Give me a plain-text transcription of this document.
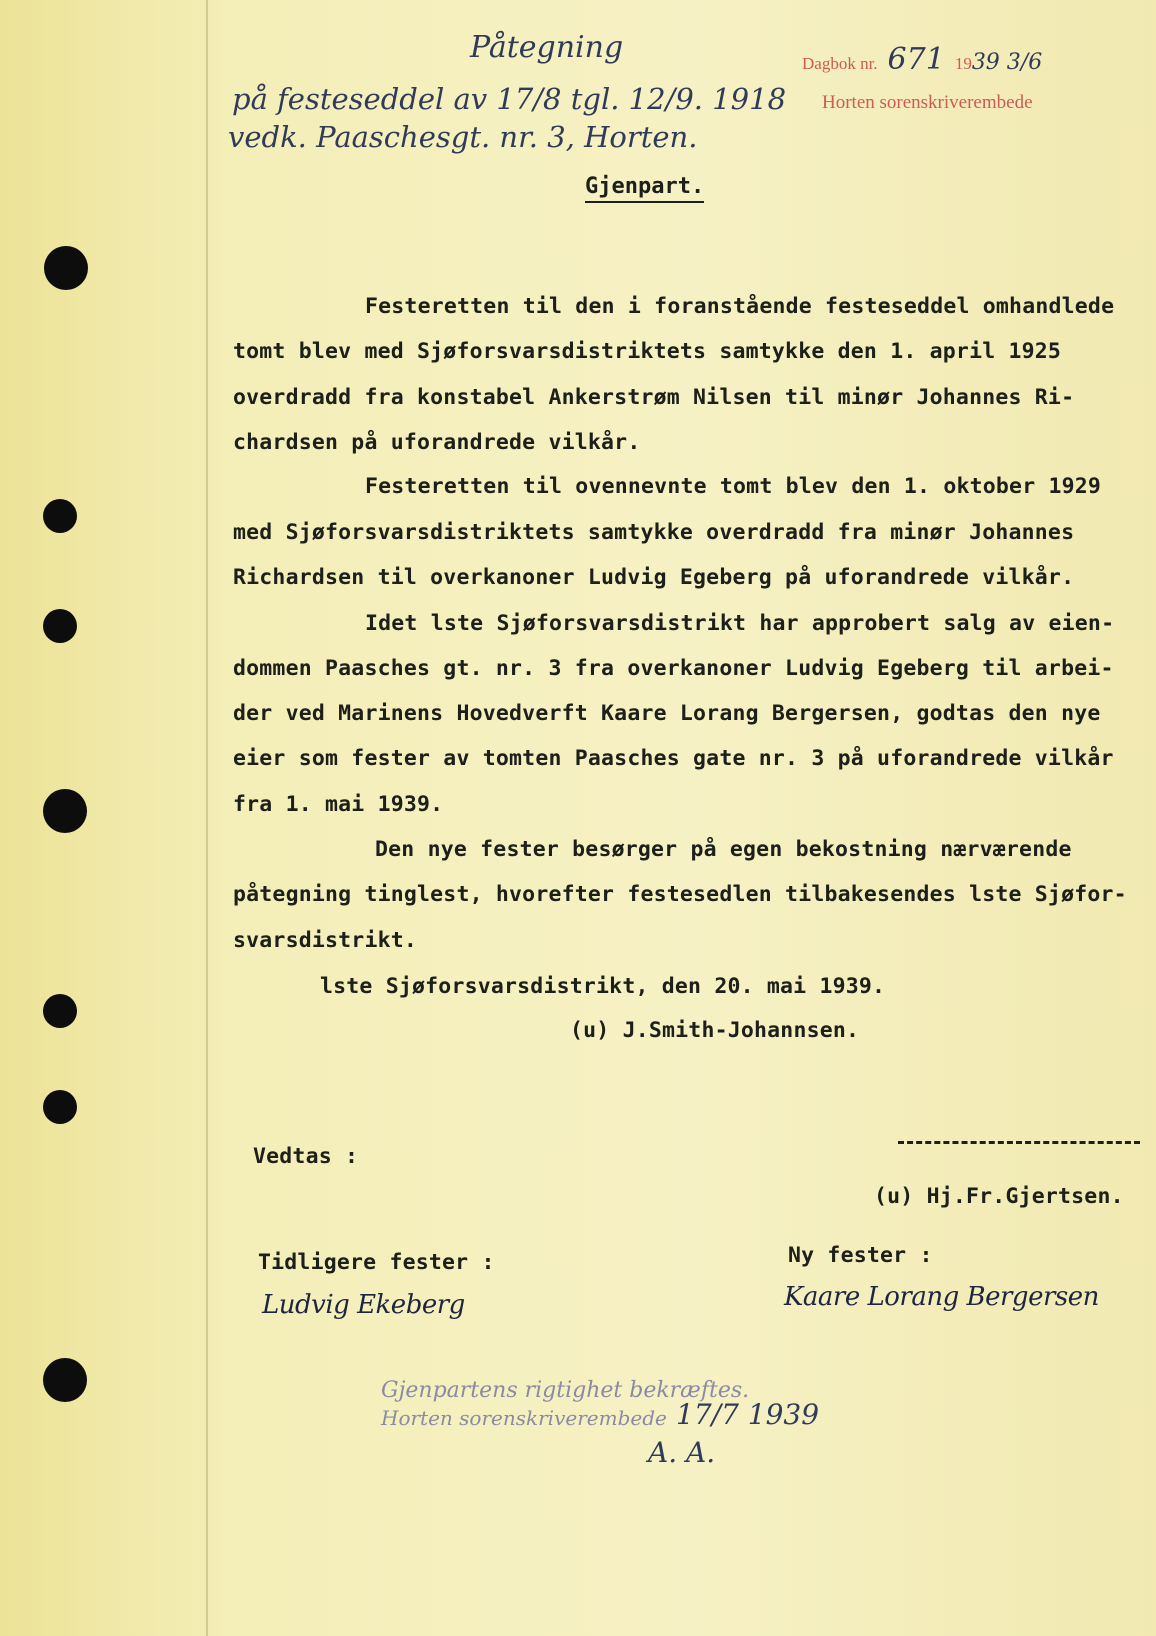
Påtegning

på festeseddel av 17/8 tgl. 12/9. 1918

vedk. Paaschesgt. nr. 3, Horten.

Dagbok nr. 671 1939 3/6
Horten sorenskriverembede

Gjenpart.

Festeretten til den i foranstående festeseddel omhandlede

tomt blev med Sjøforsvarsdistriktets samtykke den 1. april 1925

overdradd fra konstabel Ankerstrøm Nilsen til minør Johannes Ri-

chardsen på uforandrede vilkår.

Festeretten til ovennevnte tomt blev den 1. oktober 1929

med Sjøforsvarsdistriktets samtykke overdradd fra minør Johannes

Richardsen til overkanoner Ludvig Egeberg på uforandrede vilkår.

Idet lste Sjøforsvarsdistrikt har approbert salg av eien-

dommen Paasches gt. nr. 3 fra overkanoner Ludvig Egeberg til arbei-

der ved Marinens Hovedverft Kaare Lorang Bergersen, godtas den nye

eier som fester av tomten Paasches gate nr. 3 på uforandrede vilkår

fra 1. mai 1939.

Den nye fester besørger på egen bekostning nærværende

påtegning tinglest, hvorefter festesedlen tilbakesendes lste Sjøfor-

svarsdistrikt.

lste Sjøforsvarsdistrikt, den 20. mai 1939.

(u) J.Smith-Johannsen.

Vedtas :

(u) Hj.Fr.Gjertsen.

Tidligere fester :	Ny fester :

Ludvig Ekeberg	Kaare Lorang Bergersen
Gjenpartens rigtighet bekræftes.
Horten sorenskriverembede 17/7 1939
A. A.
